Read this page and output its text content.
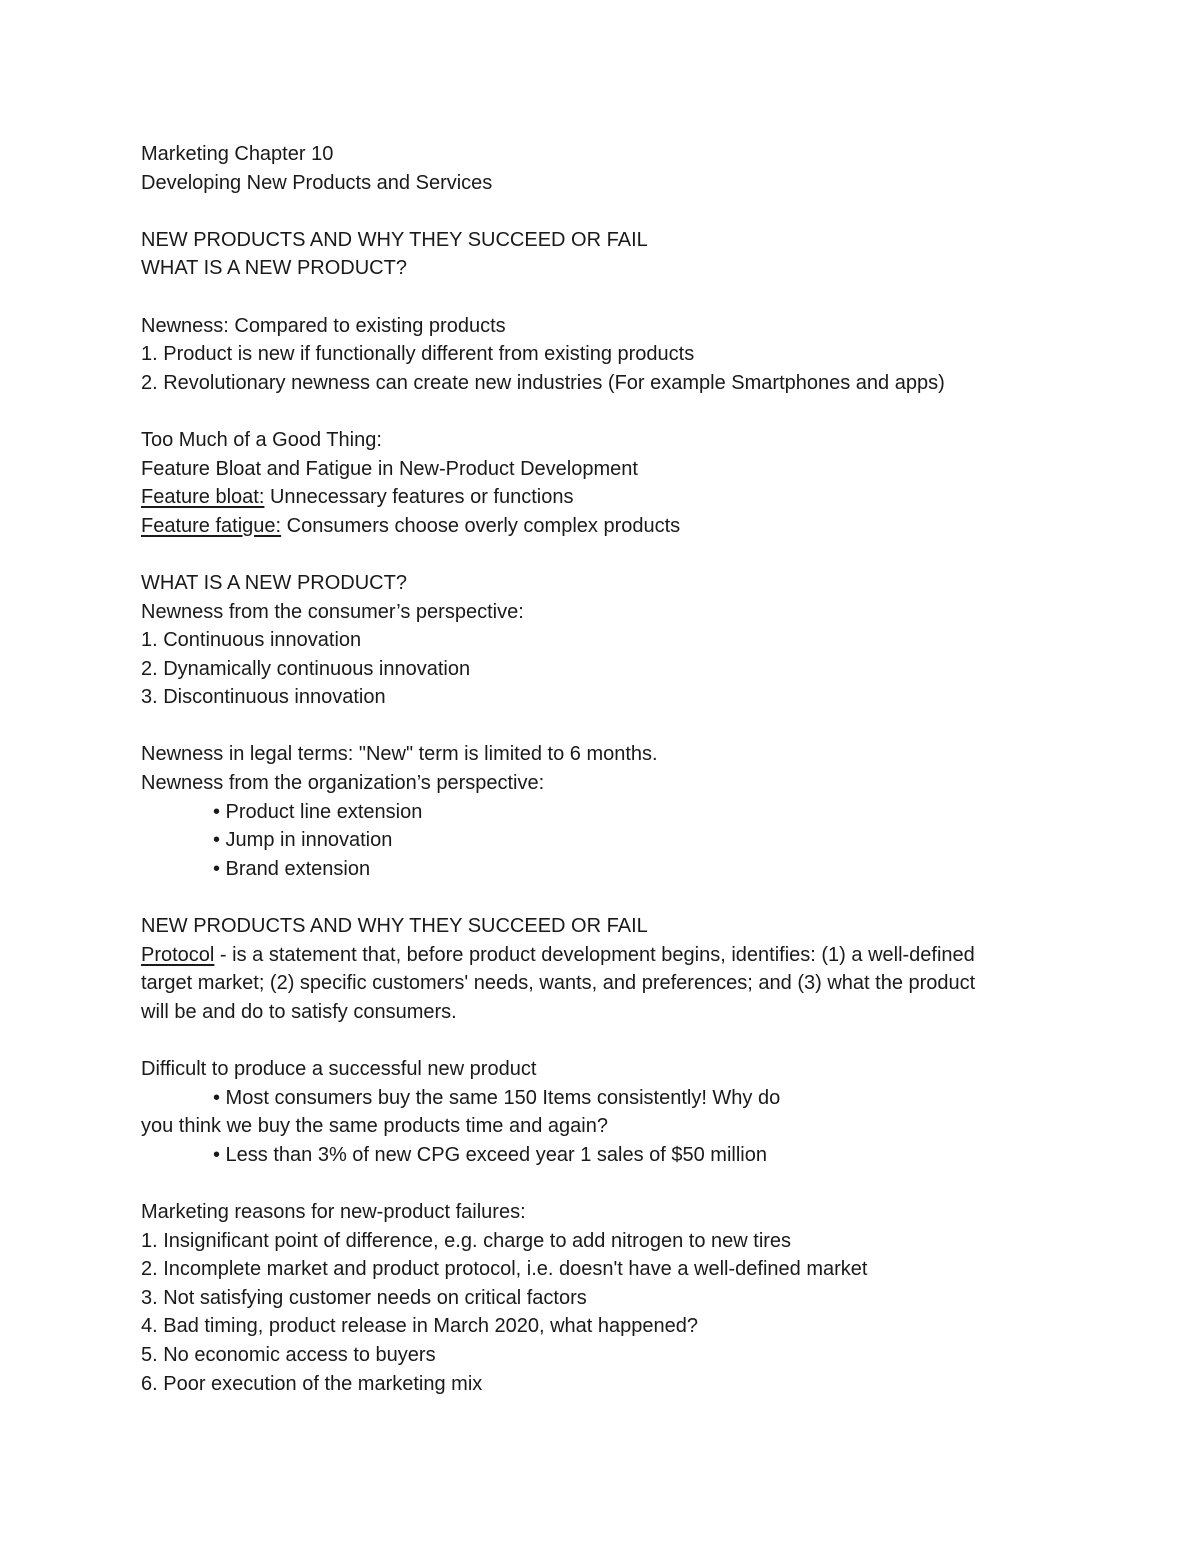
Marketing Chapter 10
Developing New Products and Services
NEW PRODUCTS AND WHY THEY SUCCEED OR FAIL
WHAT IS A NEW PRODUCT?
Newness: Compared to existing products
1. Product is new if functionally different from existing products
2. Revolutionary newness can create new industries (For example Smartphones and apps)
Too Much of a Good Thing:
Feature Bloat and Fatigue in New-Product Development
Feature bloat: Unnecessary features or functions
Feature fatigue: Consumers choose overly complex products
WHAT IS A NEW PRODUCT?
Newness from the consumer’s perspective:
1. Continuous innovation
2. Dynamically continuous innovation
3. Discontinuous innovation
Newness in legal terms: "New" term is limited to 6 months.
Newness from the organization’s perspective:
• Product line extension
• Jump in innovation
• Brand extension
NEW PRODUCTS AND WHY THEY SUCCEED OR FAIL
Protocol - is a statement that, before product development begins, identifies: (1) a well-defined
target market; (2) specific customers' needs, wants, and preferences; and (3) what the product
will be and do to satisfy consumers.
Difficult to produce a successful new product
• Most consumers buy the same 150 Items consistently! Why do
you think we buy the same products time and again?
• Less than 3% of new CPG exceed year 1 sales of $50 million
Marketing reasons for new-product failures:
1. Insignificant point of difference, e.g. charge to add nitrogen to new tires
2. Incomplete market and product protocol, i.e. doesn't have a well-defined market
3. Not satisfying customer needs on critical factors
4. Bad timing, product release in March 2020, what happened?
5. No economic access to buyers
6. Poor execution of the marketing mix
